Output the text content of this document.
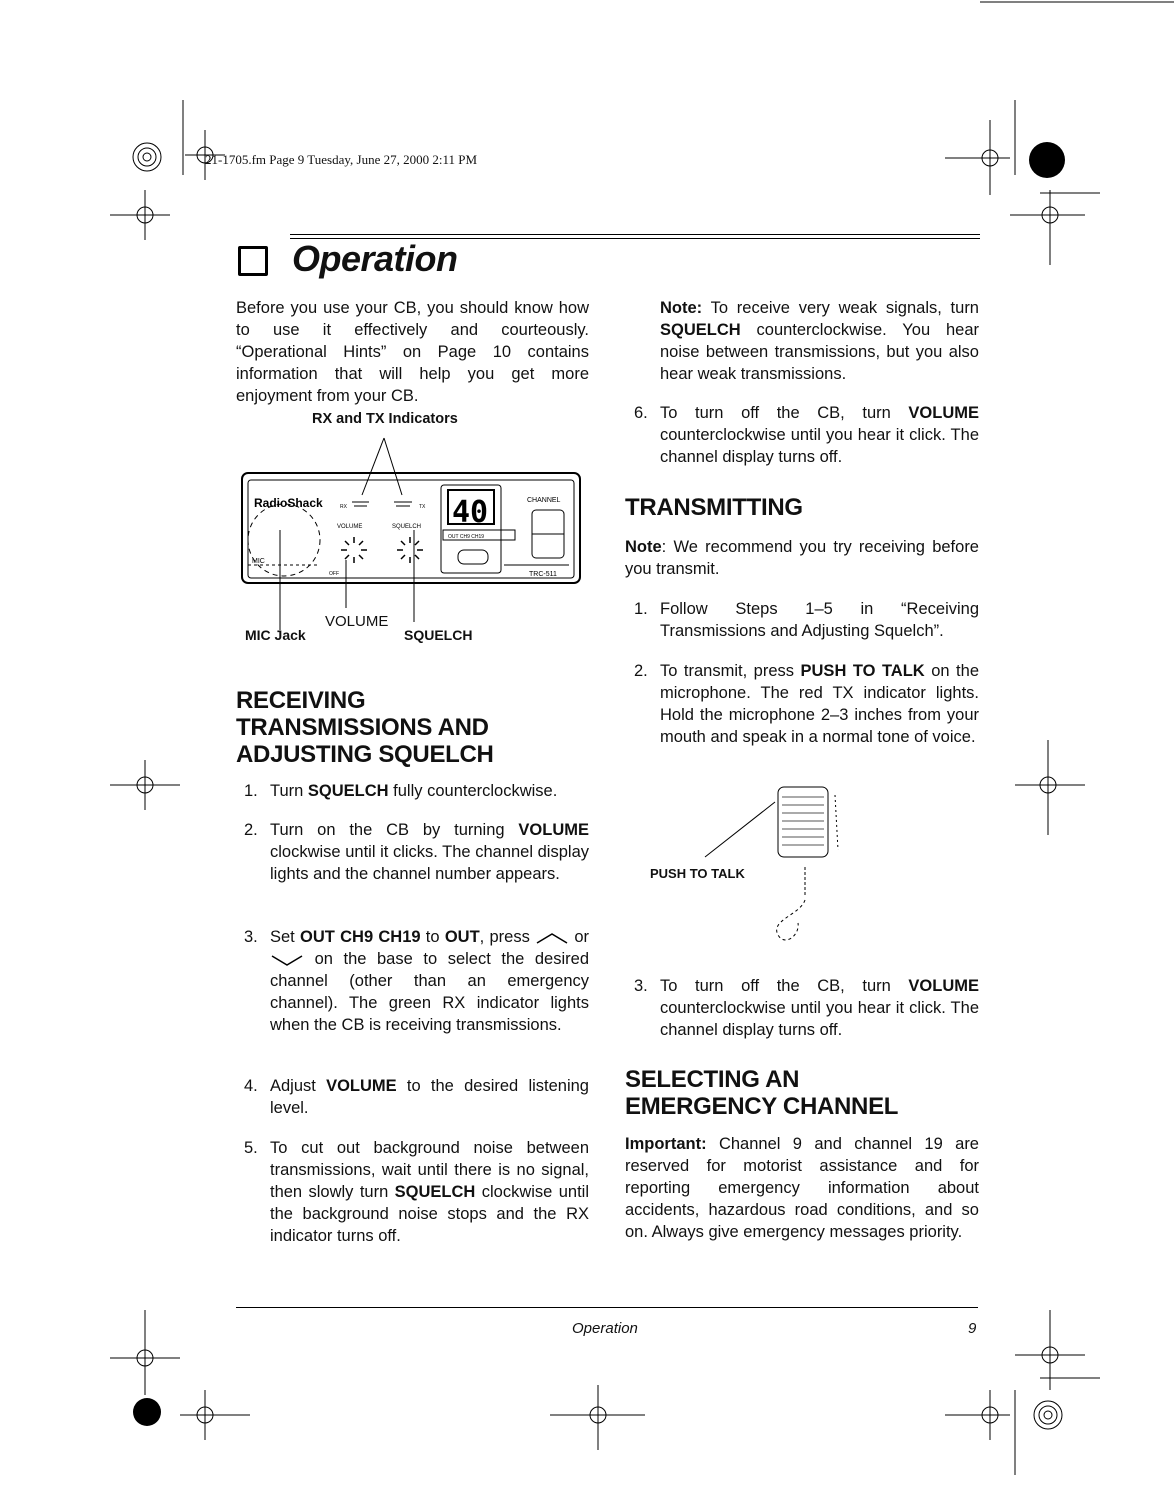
21-1705.fm Page 9 Tuesday, June 27, 2000 2:11 PM
Operation
Before you use your CB, you should know how to use it effectively and courteously. “Operational Hints” on Page 10 contains information that will help you get more enjoyment from your CB.
RX and TX Indicators
RadioShack	RX	TX 40	CHANNEL
VOLUME	SQUELCH
OUT CH9 CH19
MIC
OFF	TRC-511
VOLUME
MIC Jack	SQUELCH
RECEIVING
TRANSMISSIONS AND
ADJUSTING SQUELCH
1. Turn SQUELCH fully counterclockwise.
2. Turn on the CB by turning VOLUME clockwise until it clicks. The channel display lights and the channel number appears.
3. Set OUT CH9 CH19 to OUT, press  or  on the base to select the desired channel (other than an emergency channel). The green RX indicator lights when the CB is receiving transmissions.
4. Adjust VOLUME to the desired listening level.
5. To cut out background noise between transmissions, wait until there is no signal, then slowly turn SQUELCH clockwise until the background noise stops and the RX indicator turns off.
Note: To receive very weak signals, turn SQUELCH counterclockwise. You hear noise between transmissions, but you also hear weak transmissions.
6. To turn off the CB, turn VOLUME counterclockwise until you hear it click. The channel display turns off.
TRANSMITTING
Note: We recommend you try receiving before you transmit.
1. Follow Steps 1–5 in “Receiving Transmissions and Adjusting Squelch”.
2. To transmit, press PUSH TO TALK on the microphone. The red TX indicator lights. Hold the microphone 2–3 inches from your mouth and speak in a normal tone of voice.
PUSH TO TALK
3. To turn off the CB, turn VOLUME counterclockwise until you hear it click. The channel display turns off.
SELECTING AN
EMERGENCY CHANNEL
Important: Channel 9 and channel 19 are reserved for motorist assistance and for reporting emergency information about accidents, hazardous road conditions, and so on. Always give emergency messages priority.
Operation	9
